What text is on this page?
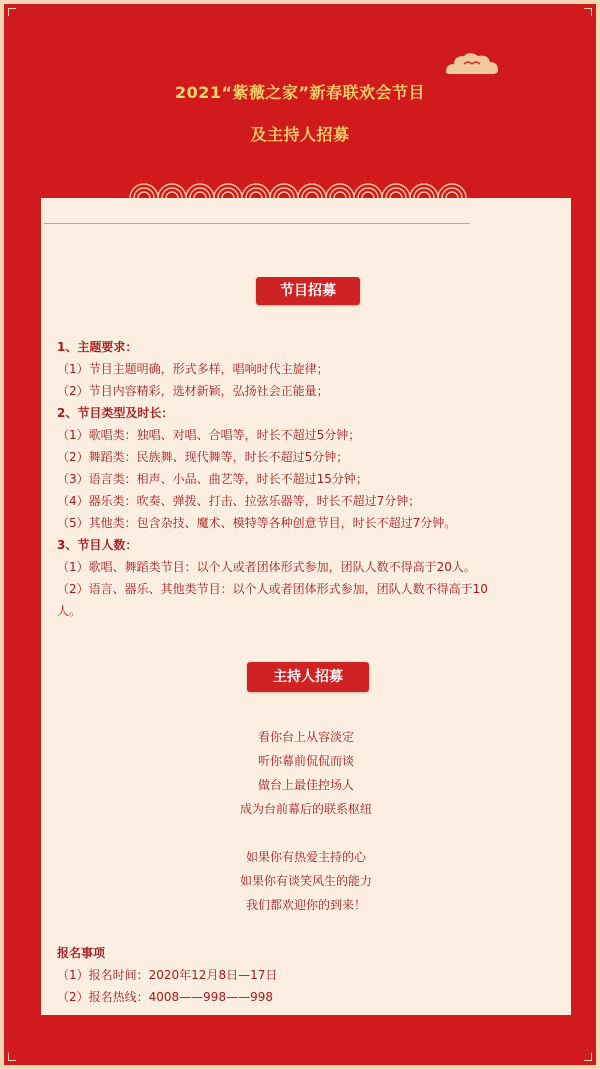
2021“紫薇之家”新春联欢会节目
及主持人招募
节目招募
1、主题要求：
（1）节目主题明确，形式多样，唱响时代主旋律；
（2）节目内容精彩，选材新颖，弘扬社会正能量；
2、节目类型及时长：
（1）歌唱类：独唱、对唱、合唱等，时长不超过5分钟；
（2）舞蹈类：民族舞、现代舞等，时长不超过5分钟；
（3）语言类：相声、小品、曲艺等，时长不超过15分钟；
（4）器乐类：吹奏、弹拨、打击、拉弦乐器等，时长不超过7分钟；
（5）其他类：包含杂技、魔术、模特等各种创意节目，时长不超过7分钟。
3、节目人数：
（1）歌唱、舞蹈类节目：以个人或者团体形式参加，团队人数不得高于20人。
（2）语言、器乐、其他类节目：以个人或者团体形式参加，团队人数不得高于10
人。
主持人招募
看你台上从容淡定
听你幕前侃侃而谈
做台上最佳控场人
成为台前幕后的联系枢纽
如果你有热爱主持的心
如果你有谈笑风生的能力
我们都欢迎你的到来！
报名事项
（1）报名时间：2020年12月8日—17日
（2）报名热线：4008——998——998
